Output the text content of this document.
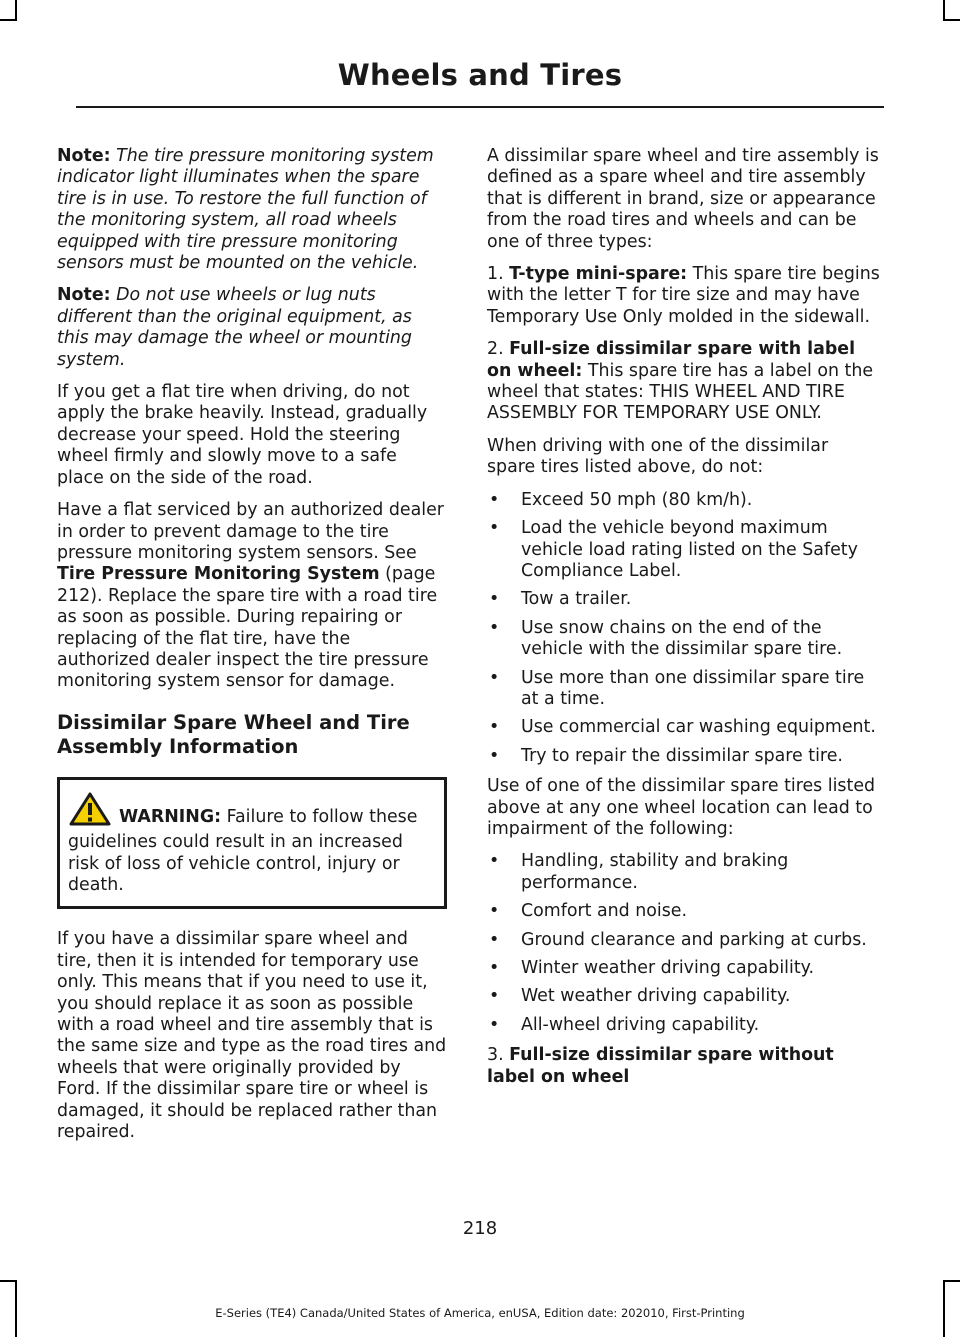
Wheels and Tires

Note: The tire pressure monitoring system indicator light illuminates when the spare tire is in use. To restore the full function of the monitoring system, all road wheels equipped with tire pressure monitoring sensors must be mounted on the vehicle.

Note: Do not use wheels or lug nuts different than the original equipment, as this may damage the wheel or mounting system.

If you get a flat tire when driving, do not apply the brake heavily. Instead, gradually decrease your speed. Hold the steering wheel firmly and slowly move to a safe place on the side of the road.

Have a flat serviced by an authorized dealer in order to prevent damage to the tire pressure monitoring system sensors. See Tire Pressure Monitoring System (page 212). Replace the spare tire with a road tire as soon as possible. During repairing or replacing of the flat tire, have the authorized dealer inspect the tire pressure monitoring system sensor for damage.

Dissimilar Spare Wheel and Tire Assembly Information

WARNING: Failure to follow these guidelines could result in an increased risk of loss of vehicle control, injury or death.

If you have a dissimilar spare wheel and tire, then it is intended for temporary use only. This means that if you need to use it, you should replace it as soon as possible with a road wheel and tire assembly that is the same size and type as the road tires and wheels that were originally provided by Ford. If the dissimilar spare tire or wheel is damaged, it should be replaced rather than repaired.

A dissimilar spare wheel and tire assembly is defined as a spare wheel and tire assembly that is different in brand, size or appearance from the road tires and wheels and can be one of three types:

1. T-type mini-spare: This spare tire begins with the letter T for tire size and may have Temporary Use Only molded in the sidewall.

2. Full-size dissimilar spare with label on wheel: This spare tire has a label on the wheel that states: THIS WHEEL AND TIRE ASSEMBLY FOR TEMPORARY USE ONLY.

When driving with one of the dissimilar spare tires listed above, do not:

• Exceed 50 mph (80 km/h).
• Load the vehicle beyond maximum vehicle load rating listed on the Safety Compliance Label.
• Tow a trailer.
• Use snow chains on the end of the vehicle with the dissimilar spare tire.
• Use more than one dissimilar spare tire at a time.
• Use commercial car washing equipment.
• Try to repair the dissimilar spare tire.

Use of one of the dissimilar spare tires listed above at any one wheel location can lead to impairment of the following:

• Handling, stability and braking performance.
• Comfort and noise.
• Ground clearance and parking at curbs.
• Winter weather driving capability.
• Wet weather driving capability.
• All-wheel driving capability.

3. Full-size dissimilar spare without label on wheel

218
E-Series (TE4) Canada/United States of America, enUSA, Edition date: 202010, First-Printing
